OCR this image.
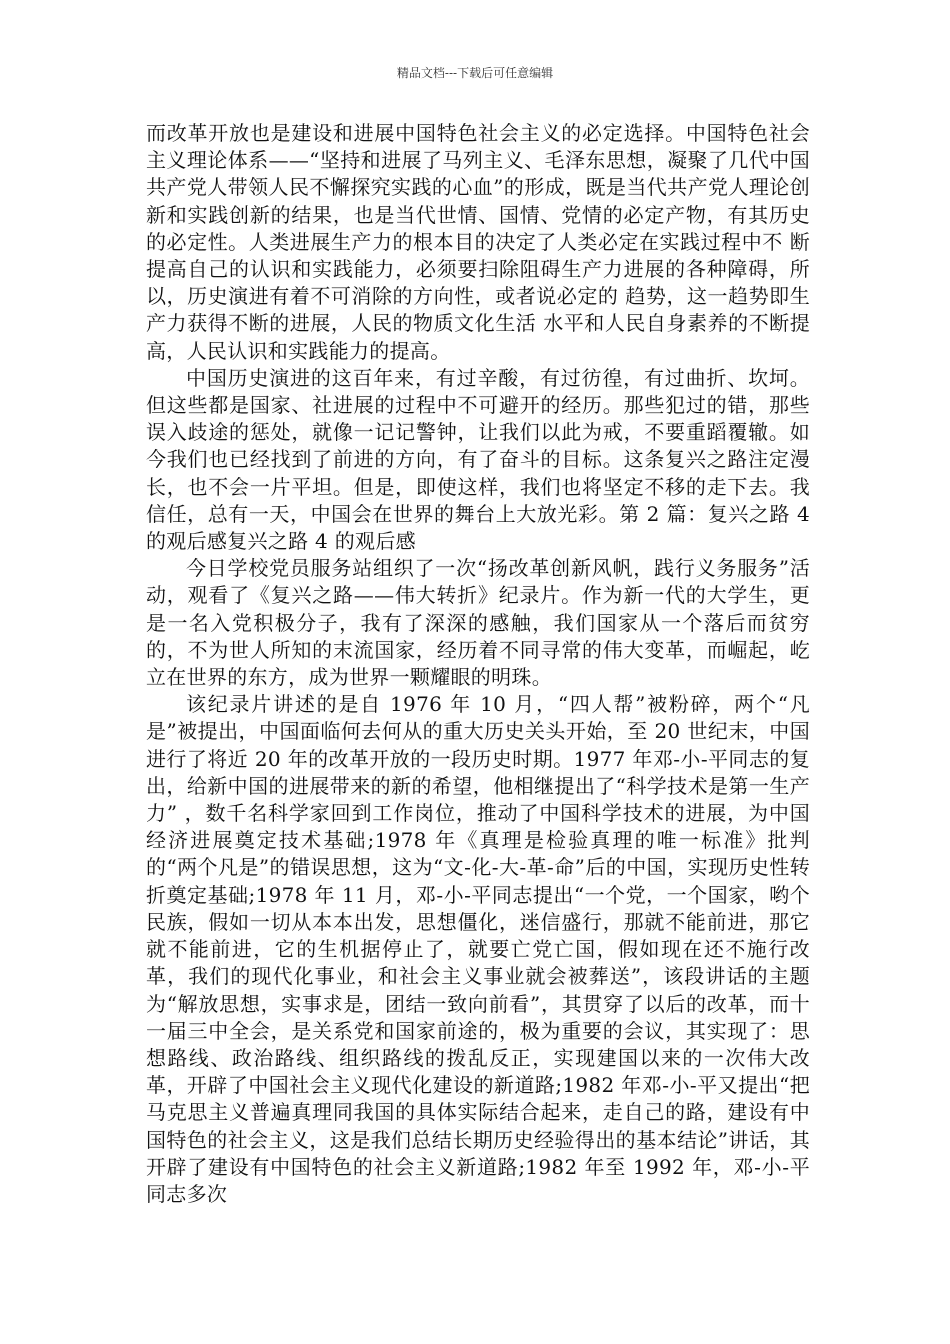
精品文档---下载后可任意编辑

而改革开放也是建设和进展中国特色社会主义的必定选择。中国特色社会主义理论体系——“坚持和进展了马列主义、毛泽东思想，凝聚了几代中国共产党人带领人民不懈探究实践的心血”的形成，既是当代共产党人理论创新和实践创新的结果，也是当代世情、国情、党情的必定产物，有其历史的必定性。人类进展生产力的根本目的决定了人类必定在实践过程中不 断提高自己的认识和实践能力，必须要扫除阻碍生产力进展的各种障碍，所以，历史演进有着不可消除的方向性，或者说必定的 趋势，这一趋势即生产力获得不断的进展，人民的物质文化生活 水平和人民自身素养的不断提高，人民认识和实践能力的提高。

中国历史演进的这百年来，有过辛酸，有过彷徨，有过曲折、坎坷。但这些都是国家、社进展的过程中不可避开的经历。那些犯过的错，那些误入歧途的惩处，就像一记记警钟，让我们以此为戒，不要重蹈覆辙。如今我们也已经找到了前进的方向，有了奋斗的目标。这条复兴之路注定漫长，也不会一片平坦。但是，即使这样，我们也将坚定不移的走下去。我信任，总有一天，中国会在世界的舞台上大放光彩。第 2 篇：复兴之路 4 的观后感复兴之路 4 的观后感

今日学校党员服务站组织了一次“扬改革创新风帆，践行义务服务”活动，观看了《复兴之路——伟大转折》纪录片。作为新一代的大学生，更是一名入党积极分子，我有了深深的感触，我们国家从一个落后而贫穷的，不为世人所知的末流国家，经历着不同寻常的伟大变革，而崛起，屹立在世界的东方，成为世界一颗耀眼的明珠。

该纪录片讲述的是自 1976 年 10 月，“四人帮”被粉碎，两个“凡是”被提出，中国面临何去何从的重大历史关头开始，至 20 世纪末，中国进行了将近 20 年的改革开放的一段历史时期。1977 年邓-小-平同志的复出，给新中国的进展带来的新的希望，他相继提出了“科学技术是第一生产力” ，数千名科学家回到工作岗位，推动了中国科学技术的进展，为中国经济进展奠定技术基础;1978 年《真理是检验真理的唯一标准》批判的“两个凡是”的错误思想，这为“文-化-大-革-命”后的中国，实现历史性转折奠定基础;1978 年 11 月，邓-小-平同志提出“一个党，一个国家，哟个民族，假如一切从本本出发，思想僵化，迷信盛行，那就不能前进，那它就不能前进，它的生机据停止了，就要亡党亡国，假如现在还不施行改革，我们的现代化事业，和社会主义事业就会被葬送”，该段讲话的主题为“解放思想，实事求是，团结一致向前看”，其贯穿了以后的改革，而十一届三中全会，是关系党和国家前途的，极为重要的会议，其实现了：思想路线、政治路线、组织路线的拨乱反正，实现建国以来的一次伟大改革，开辟了中国社会主义现代化建设的新道路;1982 年邓-小-平又提出“把马克思主义普遍真理同我国的具体实际结合起来，走自己的路，建设有中国特色的社会主义，这是我们总结长期历史经验得出的基本结论”讲话，其开辟了建设有中国特色的社会主义新道路;1982 年至 1992 年，邓-小-平同志多次
